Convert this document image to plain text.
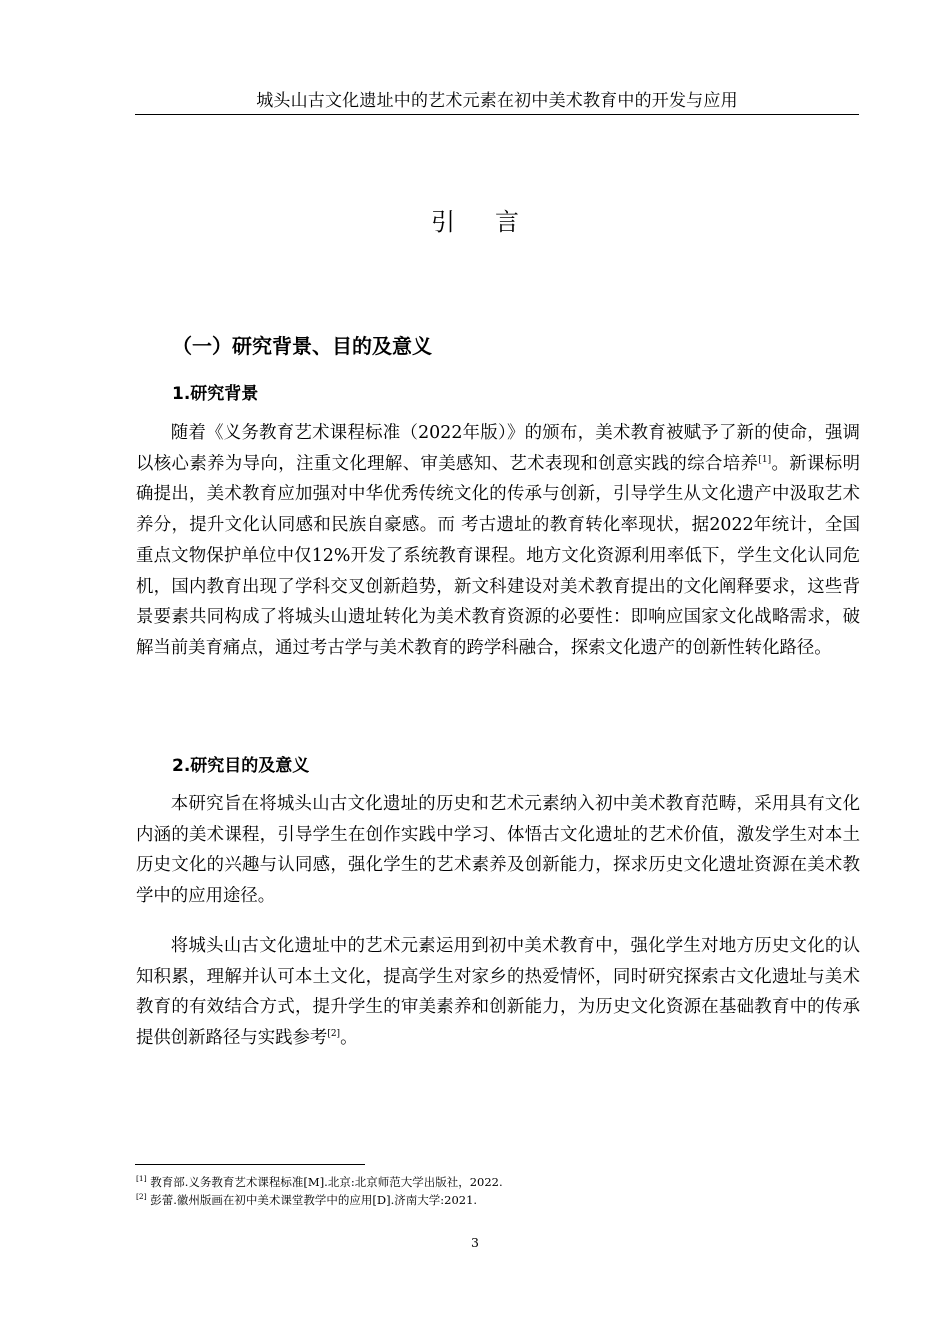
城头山古文化遗址中的艺术元素在初中美术教育中的开发与应用
引言
（一）研究背景、目的及意义
1.研究背景

随着《义务教育艺术课程标准（2022年版）》的颁布，美术教育被赋予了新的使命，强调以核心素养为导向，注重文化理解、审美感知、艺术表现和创意实践的综合培养[1]。新课标明确提出，美术教育应加强对中华优秀传统文化的传承与创新，引导学生从文化遗产中汲取艺术养分，提升文化认同感和民族自豪感。而 考古遗址的教育转化率现状，据2022年统计，全国重点文物保护单位中仅12%开发了系统教育课程。地方文化资源利用率低下，学生文化认同危机，国内教育出现了学科交叉创新趋势，新文科建设对美术教育提出的文化阐释要求，这些背景要素共同构成了将城头山遗址转化为美术教育资源的必要性：即响应国家文化战略需求，破解当前美育痛点，通过考古学与美术教育的跨学科融合，探索文化遗产的创新性转化路径。

2.研究目的及意义

本研究旨在将城头山古文化遗址的历史和艺术元素纳入初中美术教育范畴，采用具有文化内涵的美术课程，引导学生在创作实践中学习、体悟古文化遗址的艺术价值，激发学生对本土历史文化的兴趣与认同感，强化学生的艺术素养及创新能力，探求历史文化遗址资源在美术教学中的应用途径。

将城头山古文化遗址中的艺术元素运用到初中美术教育中，强化学生对地方历史文化的认知积累，理解并认可本土文化，提高学生对家乡的热爱情怀，同时研究探索古文化遗址与美术教育的有效结合方式，提升学生的审美素养和创新能力，为历史文化资源在基础教育中的传承提供创新路径与实践参考[2]。

[1] 教育部.义务教育艺术课程标准[M].北京:北京师范大学出版社，2022.
[2] 彭蕾.徽州版画在初中美术课堂教学中的应用[D].济南大学:2021.
3
